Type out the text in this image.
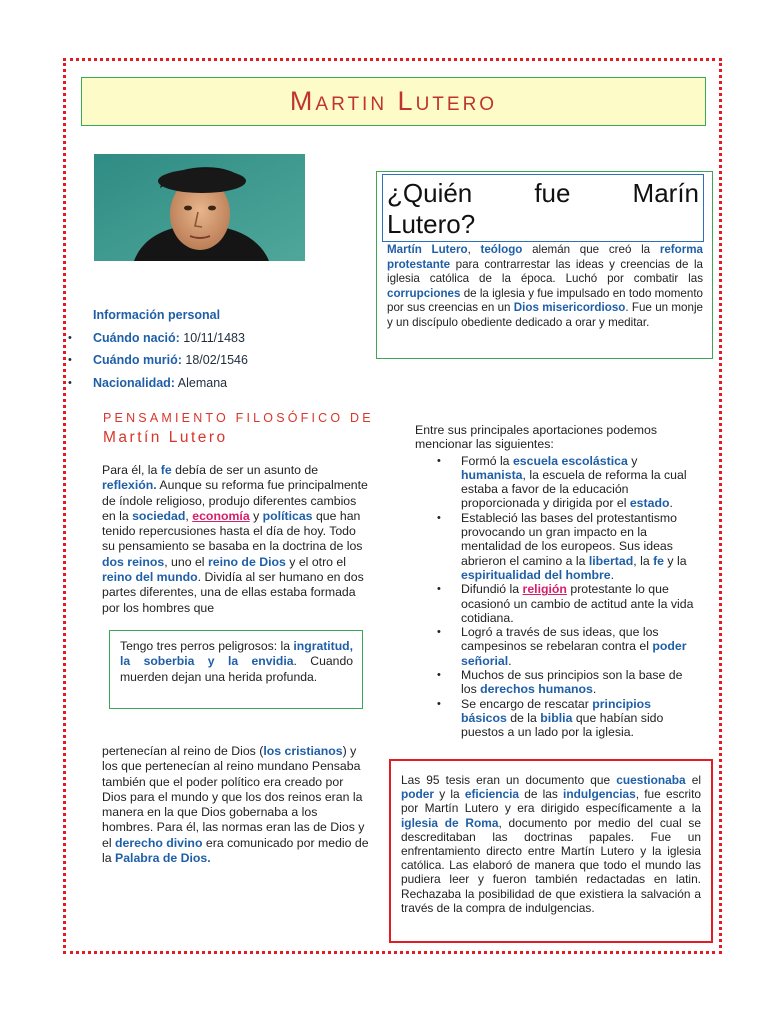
Martin Lutero
Información personal
• Cuándo nació: 10/11/1483
• Cuándo murió: 18/02/1546
• Nacionalidad: Alemana
¿Quién fue Marín
Lutero?
Martín Lutero, teólogo alemán que creó la reforma protestante para contrarrestar las ideas y creencias de la iglesia católica de la época. Luchó por combatir las corrupciones de la iglesia y fue impulsado en todo momento por sus creencias en un Dios misericordioso. Fue un monje y un discípulo obediente dedicado a orar y meditar.
PENSAMIENTO FILOSÓFICO DE
Martín Lutero
Para él, la fe debía de ser un asunto de reflexión. Aunque su reforma fue principalmente de índole religioso, produjo diferentes cambios en la sociedad, economía y políticas que han tenido repercusiones hasta el día de hoy. Todo su pensamiento se basaba en la doctrina de los dos reinos, uno el reino de Dios y el otro el reino del mundo. Dividía al ser humano en dos partes diferentes, una de ellas estaba formada por los hombres que
Tengo tres perros peligrosos: la ingratitud, la soberbia y la envidia. Cuando muerden dejan una herida profunda.
pertenecían al reino de Dios (los cristianos) y los que pertenecían al reino mundano Pensaba también que el poder político era creado por Dios para el mundo y que los dos reinos eran la manera en la que Dios gobernaba a los hombres. Para él, las normas eran las de Dios y el derecho divino era comunicado por medio de la Palabra de Dios.
Entre sus principales aportaciones podemos mencionar las siguientes:
• Formó la escuela escolástica y humanista, la escuela de reforma la cual estaba a favor de la educación proporcionada y dirigida por el estado.
• Estableció las bases del protestantismo provocando un gran impacto en la mentalidad de los europeos. Sus ideas abrieron el camino a la libertad, la fe y la espiritualidad del hombre.
• Difundió la religión protestante lo que ocasionó un cambio de actitud ante la vida cotidiana.
• Logró a través de sus ideas, que los campesinos se rebelaran contra el poder señorial.
• Muchos de sus principios son la base de los derechos humanos.
• Se encargo de rescatar principios básicos de la biblia que habían sido puestos a un lado por la iglesia.
Las 95 tesis eran un documento que cuestionaba el poder y la eficiencia de las indulgencias, fue escrito por Martín Lutero y era dirigido específicamente a la iglesia de Roma, documento por medio del cual se descreditaban las doctrinas papales. Fue un enfrentamiento directo entre Martín Lutero y la iglesia católica. Las elaboró de manera que todo el mundo las pudiera leer y fueron también redactadas en latin. Rechazaba la posibilidad de que existiera la salvación a través de la compra de indulgencias.
